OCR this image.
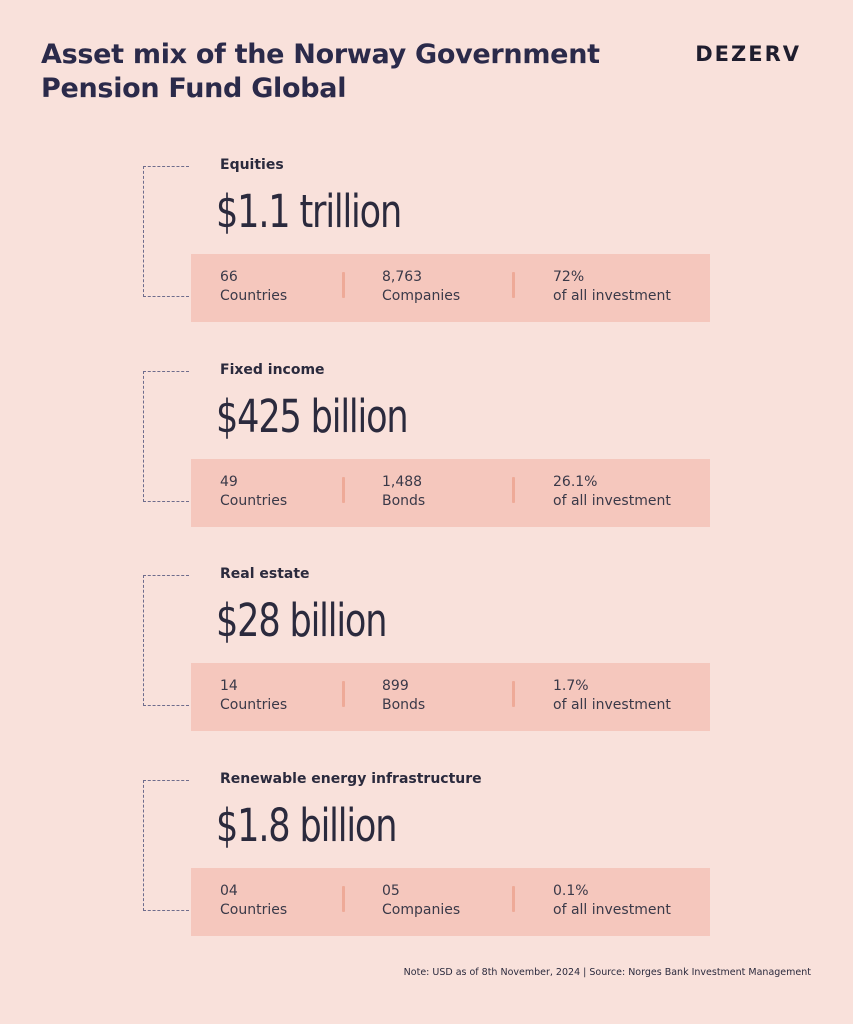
Asset mix of the Norway Government Pension Fund Global
DEZERV
Equities
$1.1 trillion
66
Countries
8,763
Companies
72%
of all investment
Fixed income
$425 billion
49
Countries
1,488
Bonds
26.1%
of all investment
Real estate
$28 billion
14
Countries
899
Bonds
1.7%
of all investment
Renewable energy infrastructure
$1.8 billion
04
Countries
05
Companies
0.1%
of all investment
Note: USD as of 8th November, 2024 | Source: Norges Bank Investment Management
